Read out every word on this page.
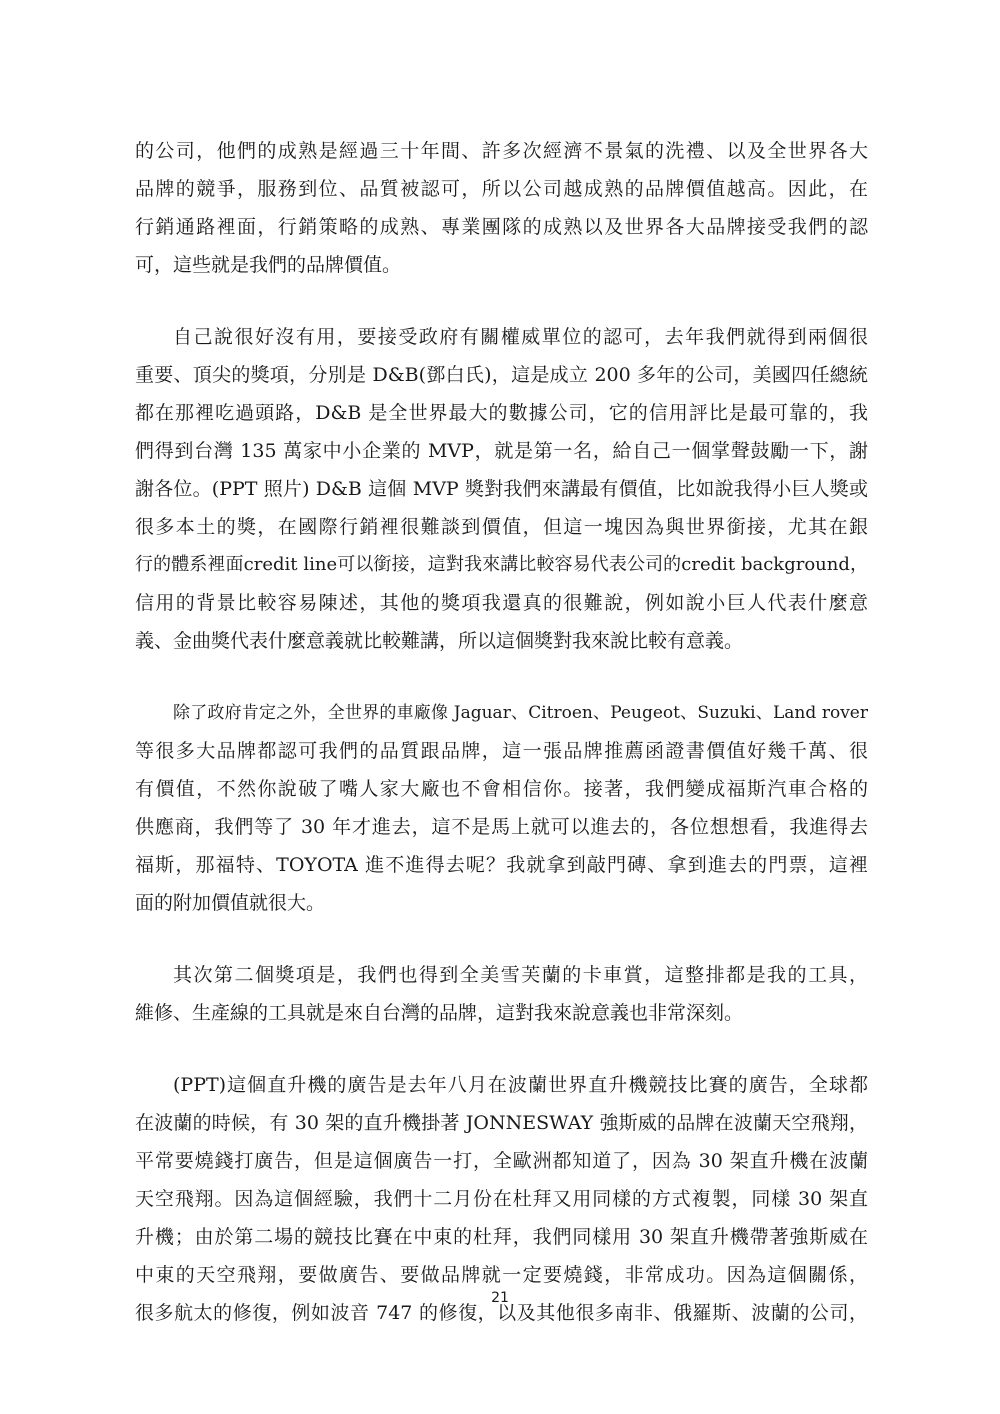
的公司，他們的成熟是經過三十年間、許多次經濟不景氣的洗禮、以及全世界各大
品牌的競爭，服務到位、品質被認可，所以公司越成熟的品牌價值越高。因此，在
行銷通路裡面，行銷策略的成熟、專業團隊的成熟以及世界各大品牌接受我們的認
可，這些就是我們的品牌價值。
自己說很好沒有用，要接受政府有關權威單位的認可，去年我們就得到兩個很
重要、頂尖的獎項，分別是 D&B(鄧白氏)，這是成立 200 多年的公司，美國四任總統
都在那裡吃過頭路，D&B 是全世界最大的數據公司，它的信用評比是最可靠的，我
們得到台灣 135 萬家中小企業的 MVP，就是第一名，給自己一個掌聲鼓勵一下，謝
謝各位。(PPT 照片) D&B 這個 MVP 獎對我們來講最有價值，比如說我得小巨人獎或
很多本土的獎，在國際行銷裡很難談到價值，但這一塊因為與世界銜接，尤其在銀
行的體系裡面credit line可以銜接，這對我來講比較容易代表公司的credit background，
信用的背景比較容易陳述，其他的獎項我還真的很難說，例如說小巨人代表什麼意
義、金曲獎代表什麼意義就比較難講，所以這個獎對我來說比較有意義。
除了政府肯定之外，全世界的車廠像 Jaguar、Citroen、Peugeot、Suzuki、Land rover
等很多大品牌都認可我們的品質跟品牌，這一張品牌推薦函證書價值好幾千萬、很
有價值，不然你說破了嘴人家大廠也不會相信你。接著，我們變成福斯汽車合格的
供應商，我們等了 30 年才進去，這不是馬上就可以進去的，各位想想看，我進得去
福斯，那福特、TOYOTA 進不進得去呢？我就拿到敲門磚、拿到進去的門票，這裡
面的附加價值就很大。
其次第二個獎項是，我們也得到全美雪芙蘭的卡車賞，這整排都是我的工具，
維修、生產線的工具就是來自台灣的品牌，這對我來說意義也非常深刻。
(PPT)這個直升機的廣告是去年八月在波蘭世界直升機競技比賽的廣告，全球都
在波蘭的時候，有 30 架的直升機掛著 JONNESWAY 強斯威的品牌在波蘭天空飛翔，
平常要燒錢打廣告，但是這個廣告一打，全歐洲都知道了，因為 30 架直升機在波蘭
天空飛翔。因為這個經驗，我們十二月份在杜拜又用同樣的方式複製，同樣 30 架直
升機；由於第二場的競技比賽在中東的杜拜，我們同樣用 30 架直升機帶著強斯威在
中東的天空飛翔，要做廣告、要做品牌就一定要燒錢，非常成功。因為這個關係，
很多航太的修復，例如波音 747 的修復，以及其他很多南非、俄羅斯、波蘭的公司，
21
